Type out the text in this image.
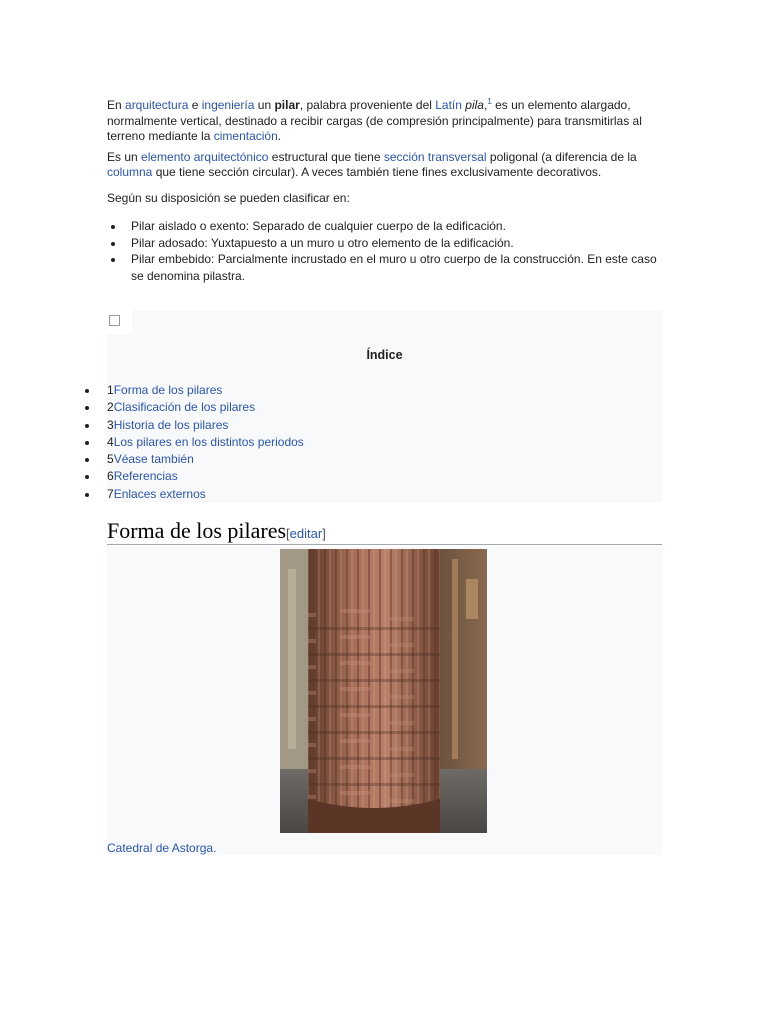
En arquitectura e ingeniería un pilar, palabra proveniente del Latín pila,$^1$ es un elemento alargado, normalmente vertical, destinado a recibir cargas (de compresión principalmente) para transmitirlas al terreno mediante la cimentación.

Es un elemento arquitectónico estructural que tiene sección transversal poligonal (a diferencia de la columna que tiene sección circular). A veces también tiene fines exclusivamente decorativos.

Según su disposición se pueden clasificar en:

Pilar aislado o exento: Separado de cualquier cuerpo de la edificación.
Pilar adosado: Yuxtapuesto a un muro u otro elemento de la edificación.
Pilar embebido: Parcialmente incrustado en el muro u otro cuerpo de la construcción. En este caso se denomina pilastra.
Índice
1Forma de los pilares
2Clasificación de los pilares
3Historia de los pilares
4Los pilares en los distintos periodos
5Véase también
6Referencias
7Enlaces externos
Forma de los pilares[editar]
Catedral de Astorga.
